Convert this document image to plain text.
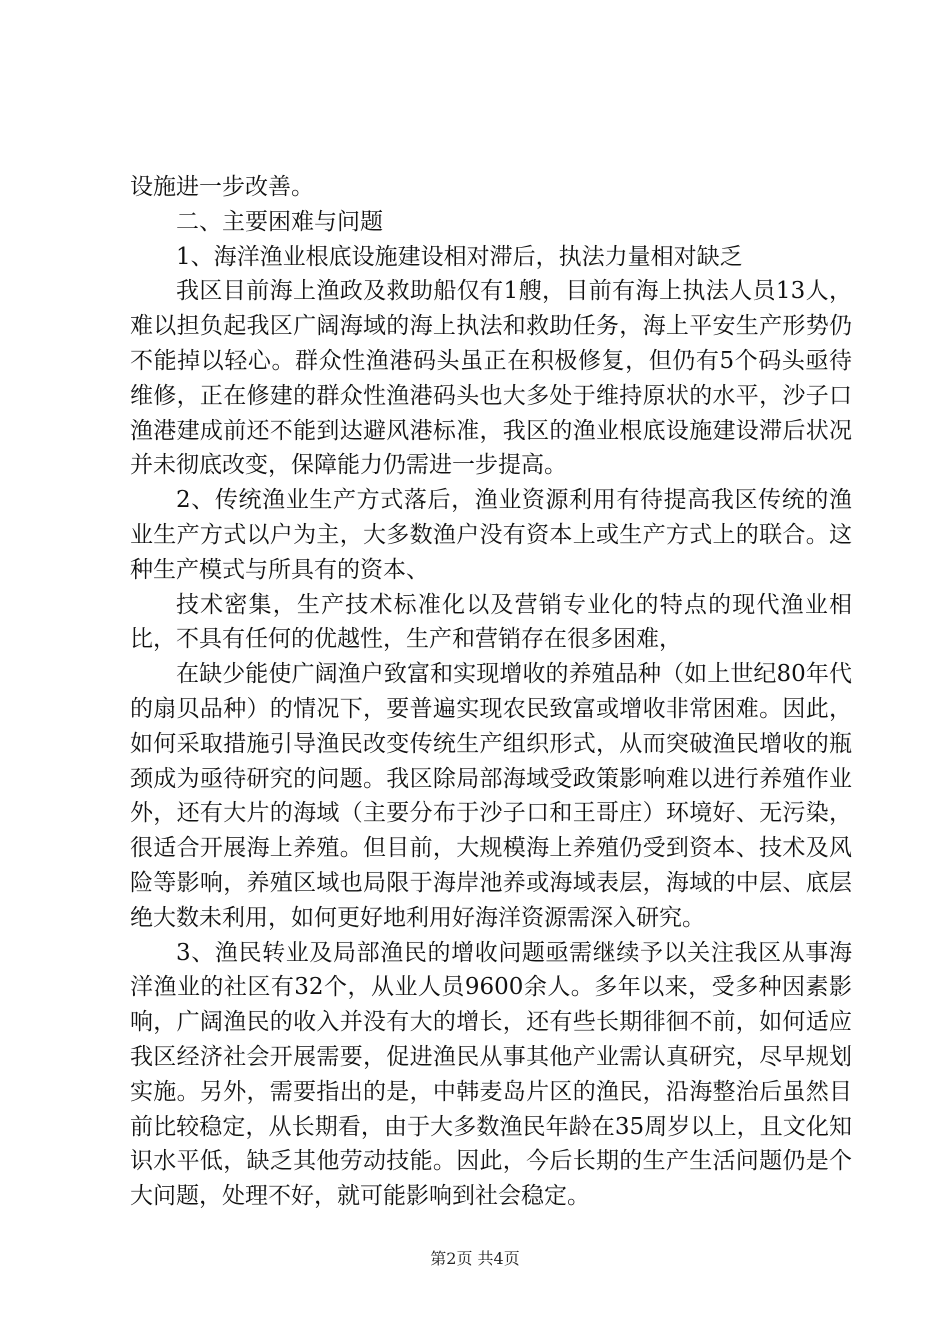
设施进一步改善。

二、主要困难与问题

1、海洋渔业根底设施建设相对滞后，执法力量相对缺乏

我区目前海上渔政及救助船仅有1艘，目前有海上执法人员13人，难以担负起我区广阔海域的海上执法和救助任务，海上平安生产形势仍不能掉以轻心。群众性渔港码头虽正在积极修复，但仍有5个码头亟待维修，正在修建的群众性渔港码头也大多处于维持原状的水平，沙子口渔港建成前还不能到达避风港标准，我区的渔业根底设施建设滞后状况并未彻底改变，保障能力仍需进一步提高。

2、传统渔业生产方式落后，渔业资源利用有待提高我区传统的渔业生产方式以户为主，大多数渔户没有资本上或生产方式上的联合。这种生产模式与所具有的资本、

技术密集，生产技术标准化以及营销专业化的特点的现代渔业相比，不具有任何的优越性，生产和营销存在很多困难，

在缺少能使广阔渔户致富和实现增收的养殖品种（如上世纪80年代的扇贝品种）的情况下，要普遍实现农民致富或增收非常困难。因此，如何采取措施引导渔民改变传统生产组织形式，从而突破渔民增收的瓶颈成为亟待研究的问题。我区除局部海域受政策影响难以进行养殖作业外，还有大片的海域（主要分布于沙子口和王哥庄）环境好、无污染，很适合开展海上养殖。但目前，大规模海上养殖仍受到资本、技术及风险等影响，养殖区域也局限于海岸池养或海域表层，海域的中层、底层绝大数未利用，如何更好地利用好海洋资源需深入研究。

3、渔民转业及局部渔民的增收问题亟需继续予以关注我区从事海洋渔业的社区有32个，从业人员9600余人。多年以来，受多种因素影响，广阔渔民的收入并没有大的增长，还有些长期徘徊不前，如何适应我区经济社会开展需要，促进渔民从事其他产业需认真研究，尽早规划实施。另外，需要指出的是，中韩麦岛片区的渔民，沿海整治后虽然目前比较稳定，从长期看，由于大多数渔民年龄在35周岁以上，且文化知识水平低，缺乏其他劳动技能。因此，今后长期的生产生活问题仍是个大问题，处理不好，就可能影响到社会稳定。

第2页 共4页
